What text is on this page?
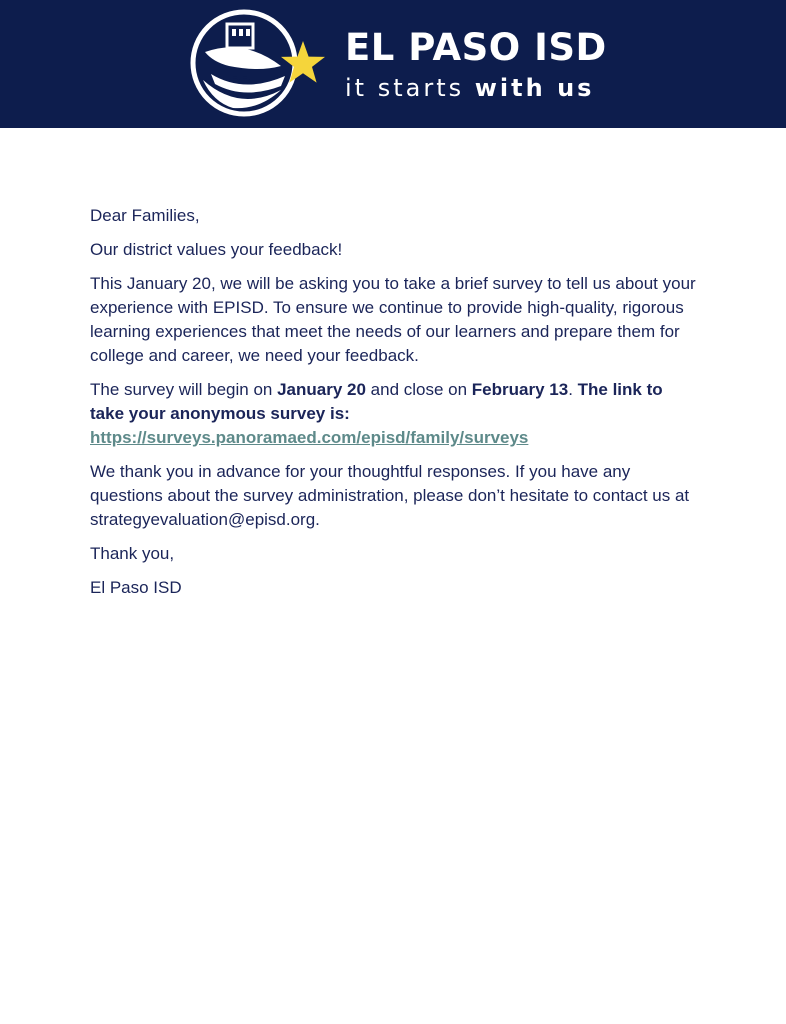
EL PASO ISD
it starts with us

Dear Families,

Our district values your feedback!

This January 20, we will be asking you to take a brief survey to tell us about your experience with EPISD. To ensure we continue to provide high-quality, rigorous learning experiences that meet the needs of our learners and prepare them for college and career, we need your feedback.

The survey will begin on January 20 and close on February 13. The link to take your anonymous survey is:
https://surveys.panoramaed.com/episd/family/surveys

We thank you in advance for your thoughtful responses. If you have any questions about the survey administration, please don’t hesitate to contact us at strategyevaluation@episd.org.

Thank you,

El Paso ISD
